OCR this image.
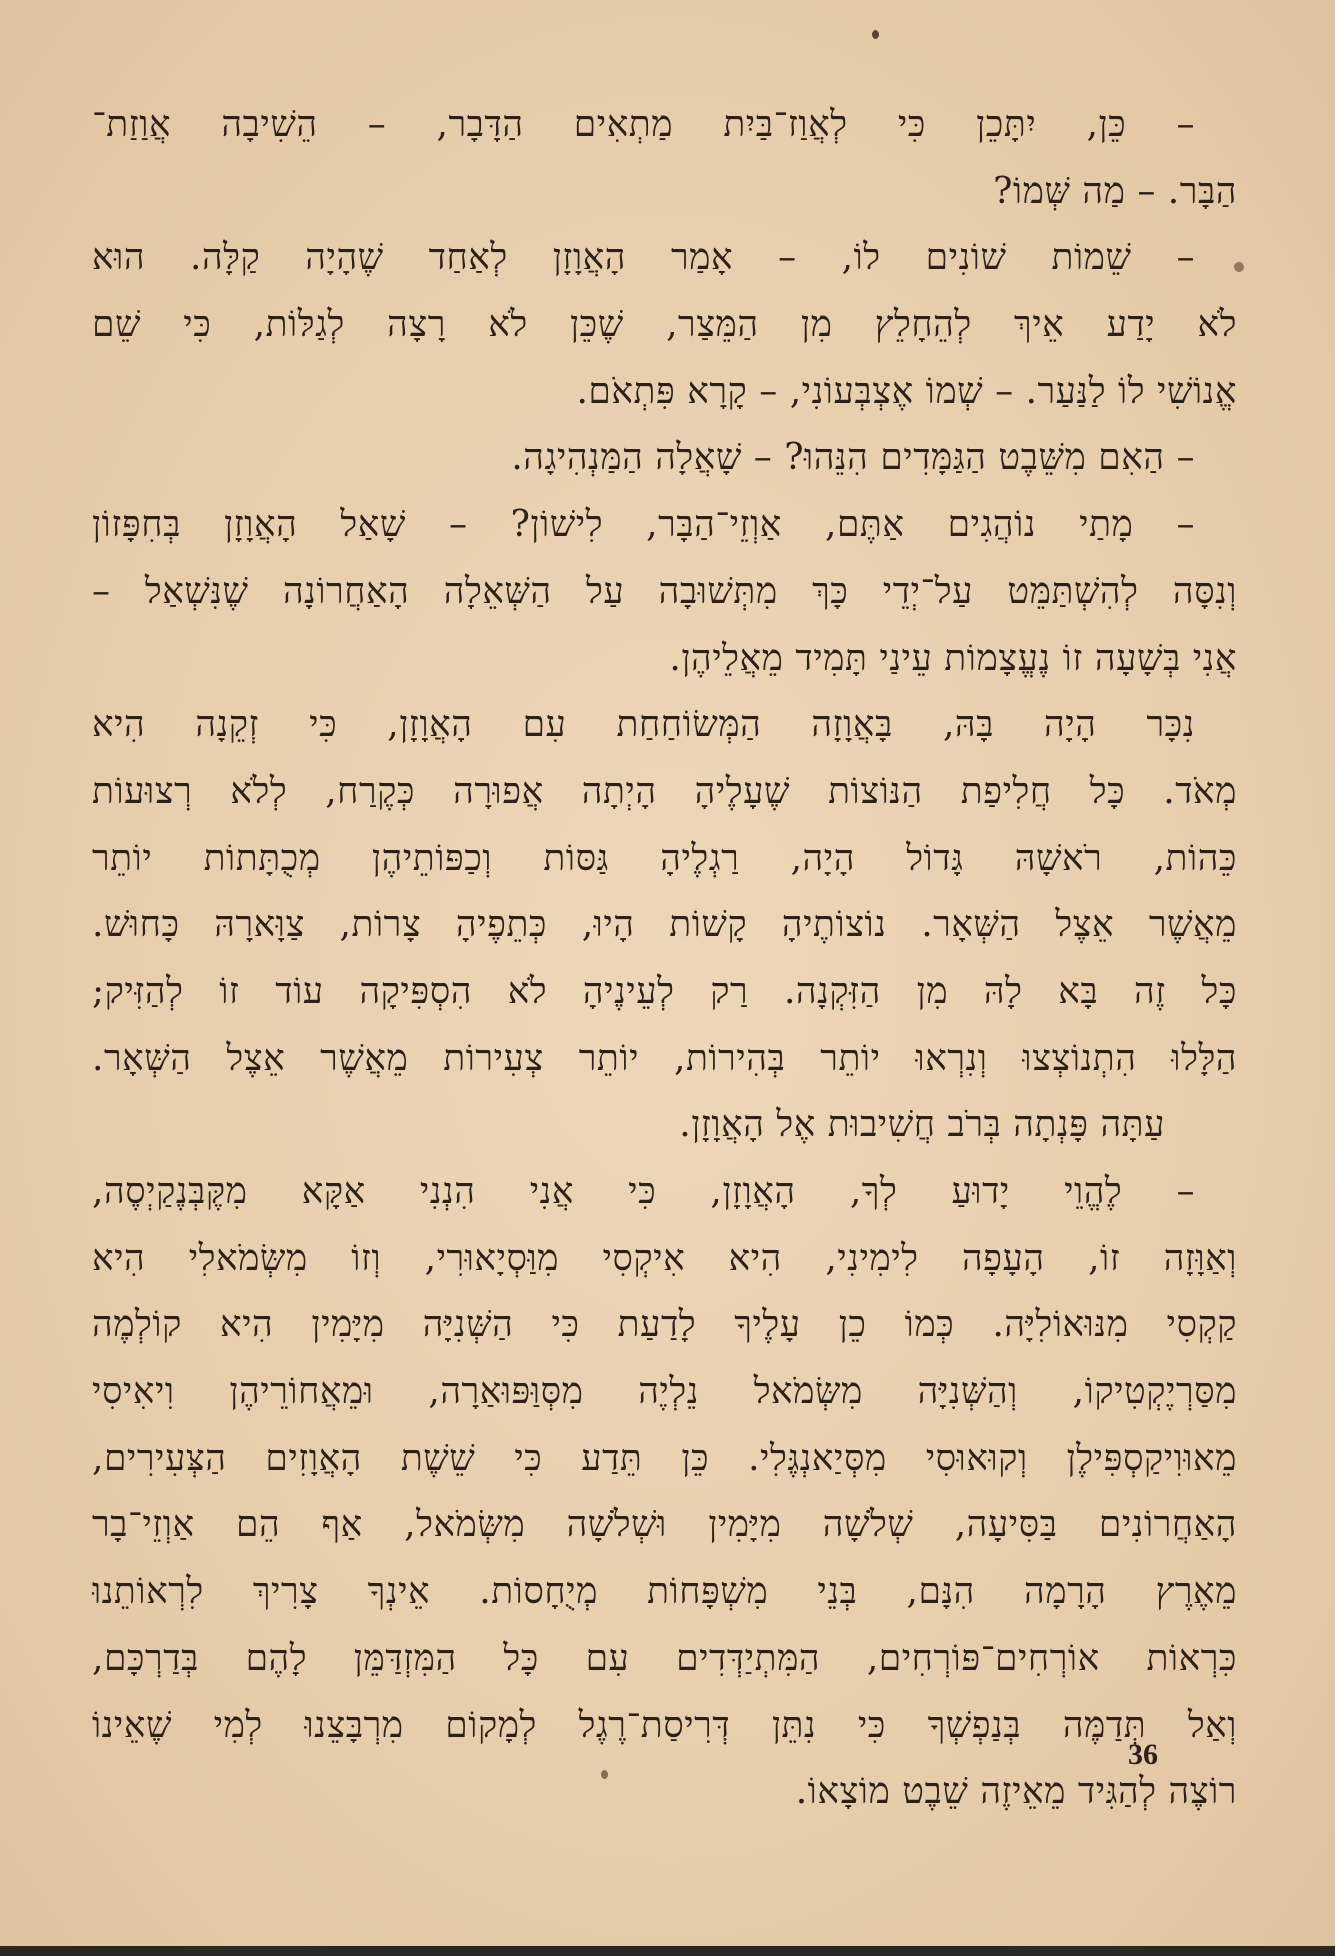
– כֵּן, יִתָּכֵן כִּי לְאֲוַז־בַּיִת מַתְאִים הַדָּבָר, – הֵשִׁיבָה אֲוַזַת־
הַבָּר. – מַה שְּׁמוֹ?
– שֵׁמוֹת שׁוֹנִים לוֹ, – אָמַר הָאֲוָזָן לְאַחַד שֶׁהָיָה קַלָּה. הוּא
לֹא יָדַע אֵיךְ לְהֵחָלֵץ מִן הַמֵּצַר, שֶׁכֵּן לֹא רָצָה לְגַלּוֹת, כִּי שֵׁם
אֱנוֹשִׁי לוֹ לַנַּעַר. – שְׁמוֹ אֶצְבְּעוֹנִי, – קָרָא פִּתְאֹם.
– הַאִם מִשֵּׁבֶט הַגַּמָּדִים הִנֵּהוּ? – שָׁאֲלָה הַמַּנְהִיגָה.
– מָתַי נוֹהֲגִים אַתֶּם, אַוְזֵי־הַבָּר, לִישׁוֹן? – שָׁאַל הָאֲוָזָן בְּחִפָּזוֹן
וְנִסָּה לְהִשְׁתַּמֵּט עַל־יְדֵי כָּךְ מִתְּשׁוּבָה עַל הַשְּׁאֵלָה הָאַחֲרוֹנָה שֶׁנִּשְׁאַל –
אֲנִי בְּשָׁעָה זוֹ נֶעֱצָמוֹת עֵינַי תָּמִיד מֵאֲלֵיהֶן.
נִכָּר הָיָה בָּהּ, בָּאֲוָזָה הַמְּשׂוֹחַחַת עִם הָאֲוָזָן, כִּי זְקֵנָה הִיא
מְאֹד. כָּל חֲלִיפַת הַנּוֹצוֹת שֶׁעָלֶיהָ הָיְתָה אֲפוּרָה כְּקֶרַח, לְלֹא רְצוּעוֹת
כֵּהוֹת, רֹאשָׁהּ גָּדוֹל הָיָה, רַגְלֶיהָ גַּסּוֹת וְכַפּוֹתֵיהֶן מְכֻתָּתוֹת יוֹתֵר
מֵאֲשֶׁר אֵצֶל הַשְּׁאָר. נוֹצוֹתֶיהָ קָשׁוֹת הָיוּ, כְּתֵפֶיהָ צָרוֹת, צַוָּארָהּ כָּחוּשׁ.
כָּל זֶה בָּא לָהּ מִן הַזִּקְנָה. רַק לְעֵינֶיהָ לֹא הִסְפִּיקָה עוֹד זוֹ לְהַזִּיק;
הַלָּלוּ הִתְנוֹצְצוּ וְנִרְאוּ יוֹתֵר בְּהִירוֹת, יוֹתֵר צְעִירוֹת מֵאֲשֶׁר אֵצֶל הַשְּׁאָר.
עַתָּה פָּנְתָה בְּרֹב חֲשִׁיבוּת אֶל הָאֲוָזָן.
– לֶהֱוֵי יָדוּעַ לְךָ, הָאֲוָזָן, כִּי אֲנִי הִנְנִי אַקָּא מִקֶּבְּנֶקַיְסֶה,
וְאַוָּזָה זוֹ, הָעָפָה לִימִינִי, הִיא אִיקְסִי מִוַּסְיָאוּרִי, וְזוֹ מִשְּׂמֹאלִי הִיא
קַקְסִי מִנּוּאוֹלִיָּה. כְּמוֹ כֵן עָלֶיךָ לָדַעַת כִּי הַשְּׁנִיָּה מִיָּמִין הִיא קוֹלְמֶה
מִסַּרְיֶקְטִיקוֹ, וְהַשְּׁנִיָּה מִשְּׂמֹאל נֵלְיֶה מִסְּוַּפּוּאַרָה, וּמֵאֲחוֹרֵיהֶן וִיאִיסִי
מֵאוּוִיקַסְפִּילֶן וְקוּאוּסִי מִסְּיַאנְגֶּלִי. כֵּן תֵּדַע כִּי שֵׁשֶׁת הָאֲוָזִים הַצְּעִירִים,
הָאַחֲרוֹנִים בַּסִּיעָה, שְׁלֹשָׁה מִיָּמִין וּשְׁלֹשָׁה מִשְּׂמֹאל, אַף הֵם אַוְזֵי־בָר
מֵאֶרֶץ הָרָמָה הִנָּם, בְּנֵי מִשְׁפָּחוֹת מְיֻחָסוֹת. אֵינְךָ צָרִיךְ לִרְאוֹתֵנוּ
כִּרְאוֹת אוֹרְחִים־פּוֹרְחִים, הַמִּתְיַדְּדִים עִם כָּל הַמִּזְדַּמֵּן לָהֶם בְּדַרְכָּם,
וְאַל תְּדַמֶּה בְּנַפְשְׁךָ כִּי נִתֵּן דְּרִיסַת־רֶגֶל לְמָקוֹם מִרְבָּצֵנוּ לְמִי שֶׁאֵינוֹ
רוֹצֶה לְהַגִּיד מֵאֵיזֶה שֵׁבֶט מוֹצָאוֹ.
36
